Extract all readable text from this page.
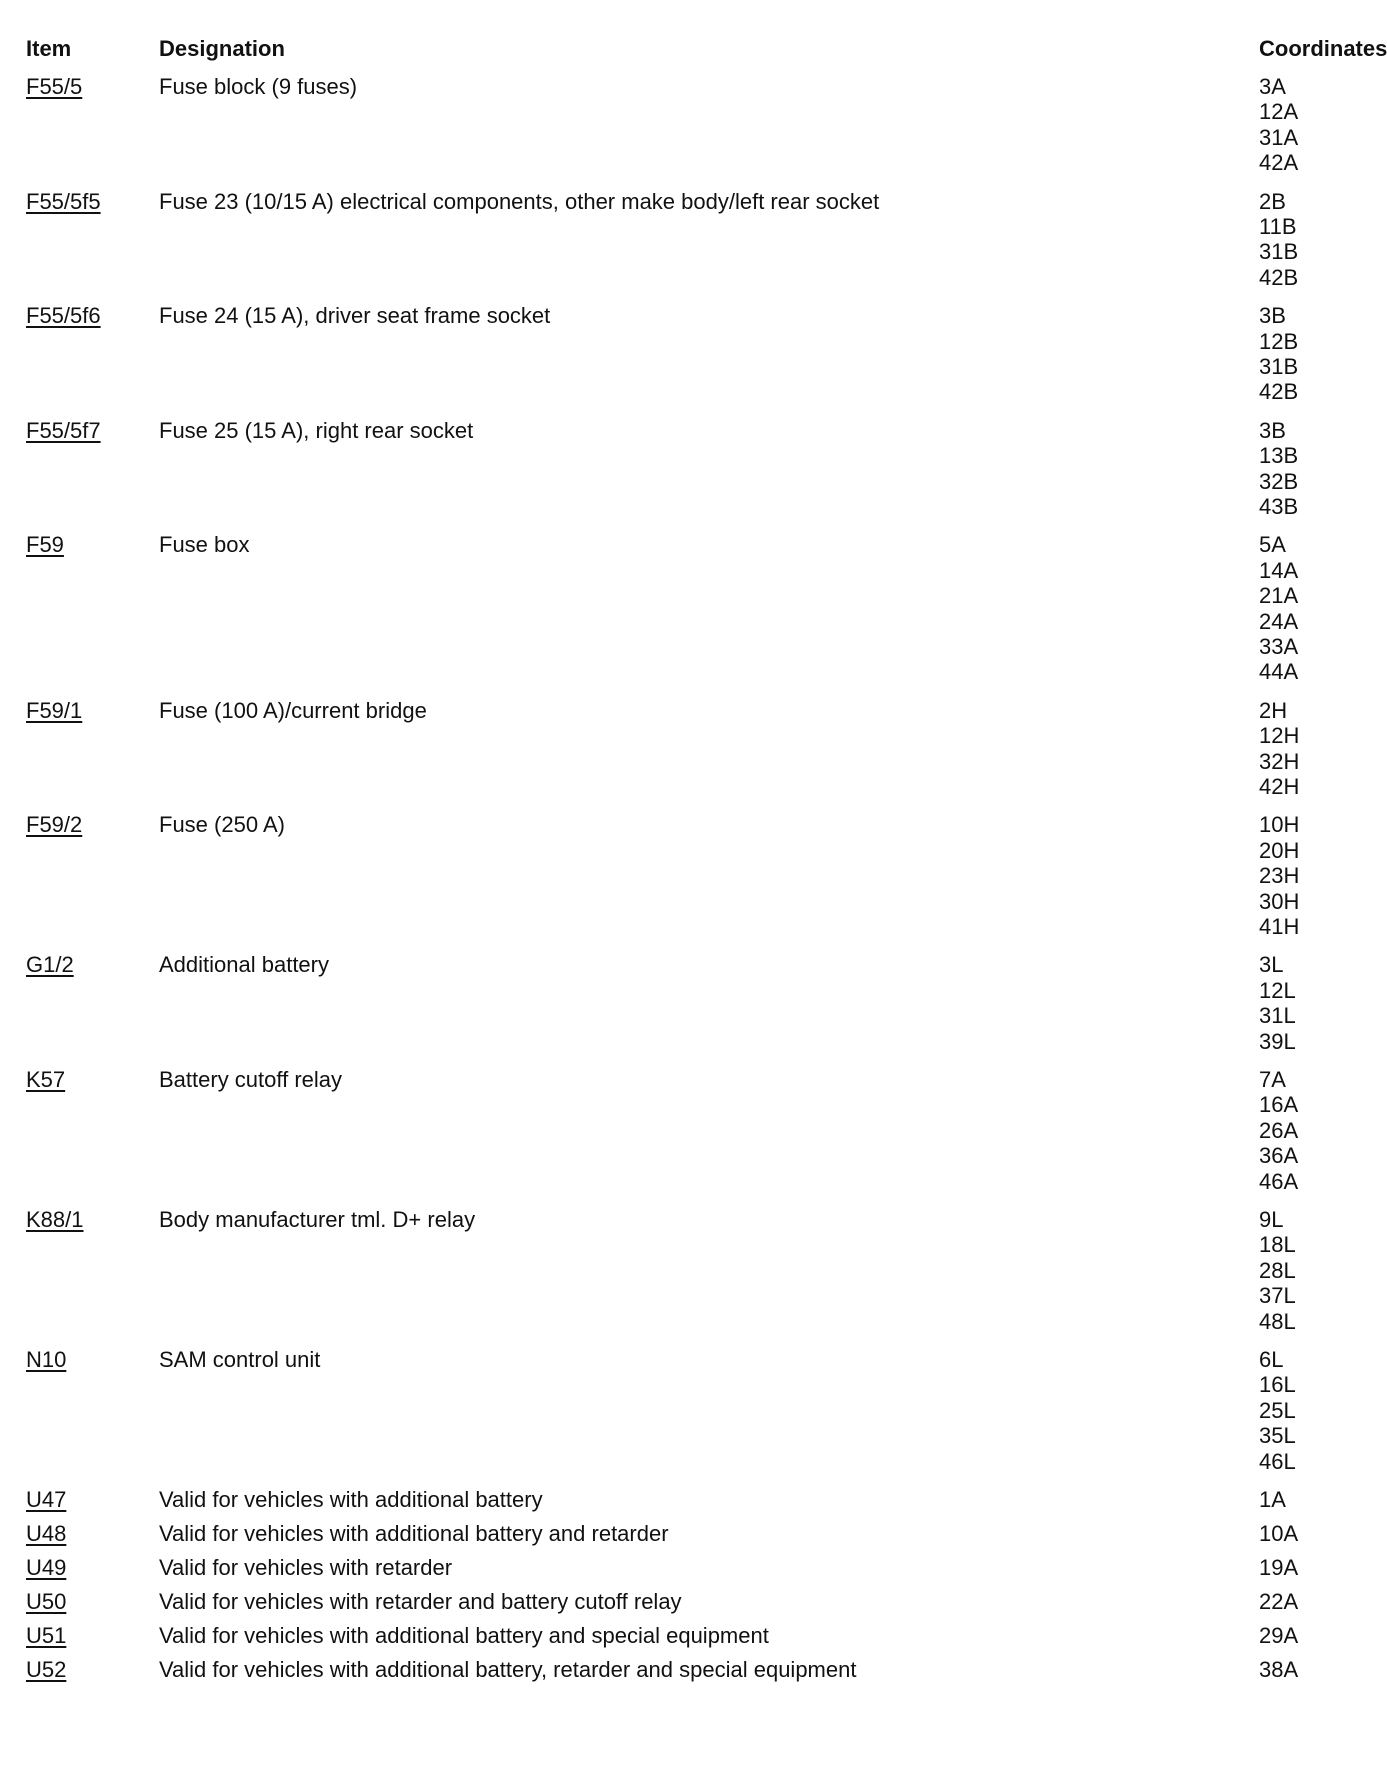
Item	Designation	Coordinates
F55/5	Fuse block (9 fuses)	3A
12A
31A
42A
F55/5f5	Fuse 23 (10/15 A) electrical components, other make body/left rear socket	2B
11B
31B
42B
F55/5f6	Fuse 24 (15 A), driver seat frame socket	3B
12B
31B
42B
F55/5f7	Fuse 25 (15 A), right rear socket	3B
13B
32B
43B
F59	Fuse box	5A
14A
21A
24A
33A
44A
F59/1	Fuse (100 A)/current bridge	2H
12H
32H
42H
F59/2	Fuse (250 A)	10H
20H
23H
30H
41H
G1/2	Additional battery	3L
12L
31L
39L
K57	Battery cutoff relay	7A
16A
26A
36A
46A
K88/1	Body manufacturer tml. D+ relay	9L
18L
28L
37L
48L
N10	SAM control unit	6L
16L
25L
35L
46L
U47	Valid for vehicles with additional battery	1A
U48	Valid for vehicles with additional battery and retarder	10A
U49	Valid for vehicles with retarder	19A
U50	Valid for vehicles with retarder and battery cutoff relay	22A
U51	Valid for vehicles with additional battery and special equipment	29A
U52	Valid for vehicles with additional battery, retarder and special equipment	38A
